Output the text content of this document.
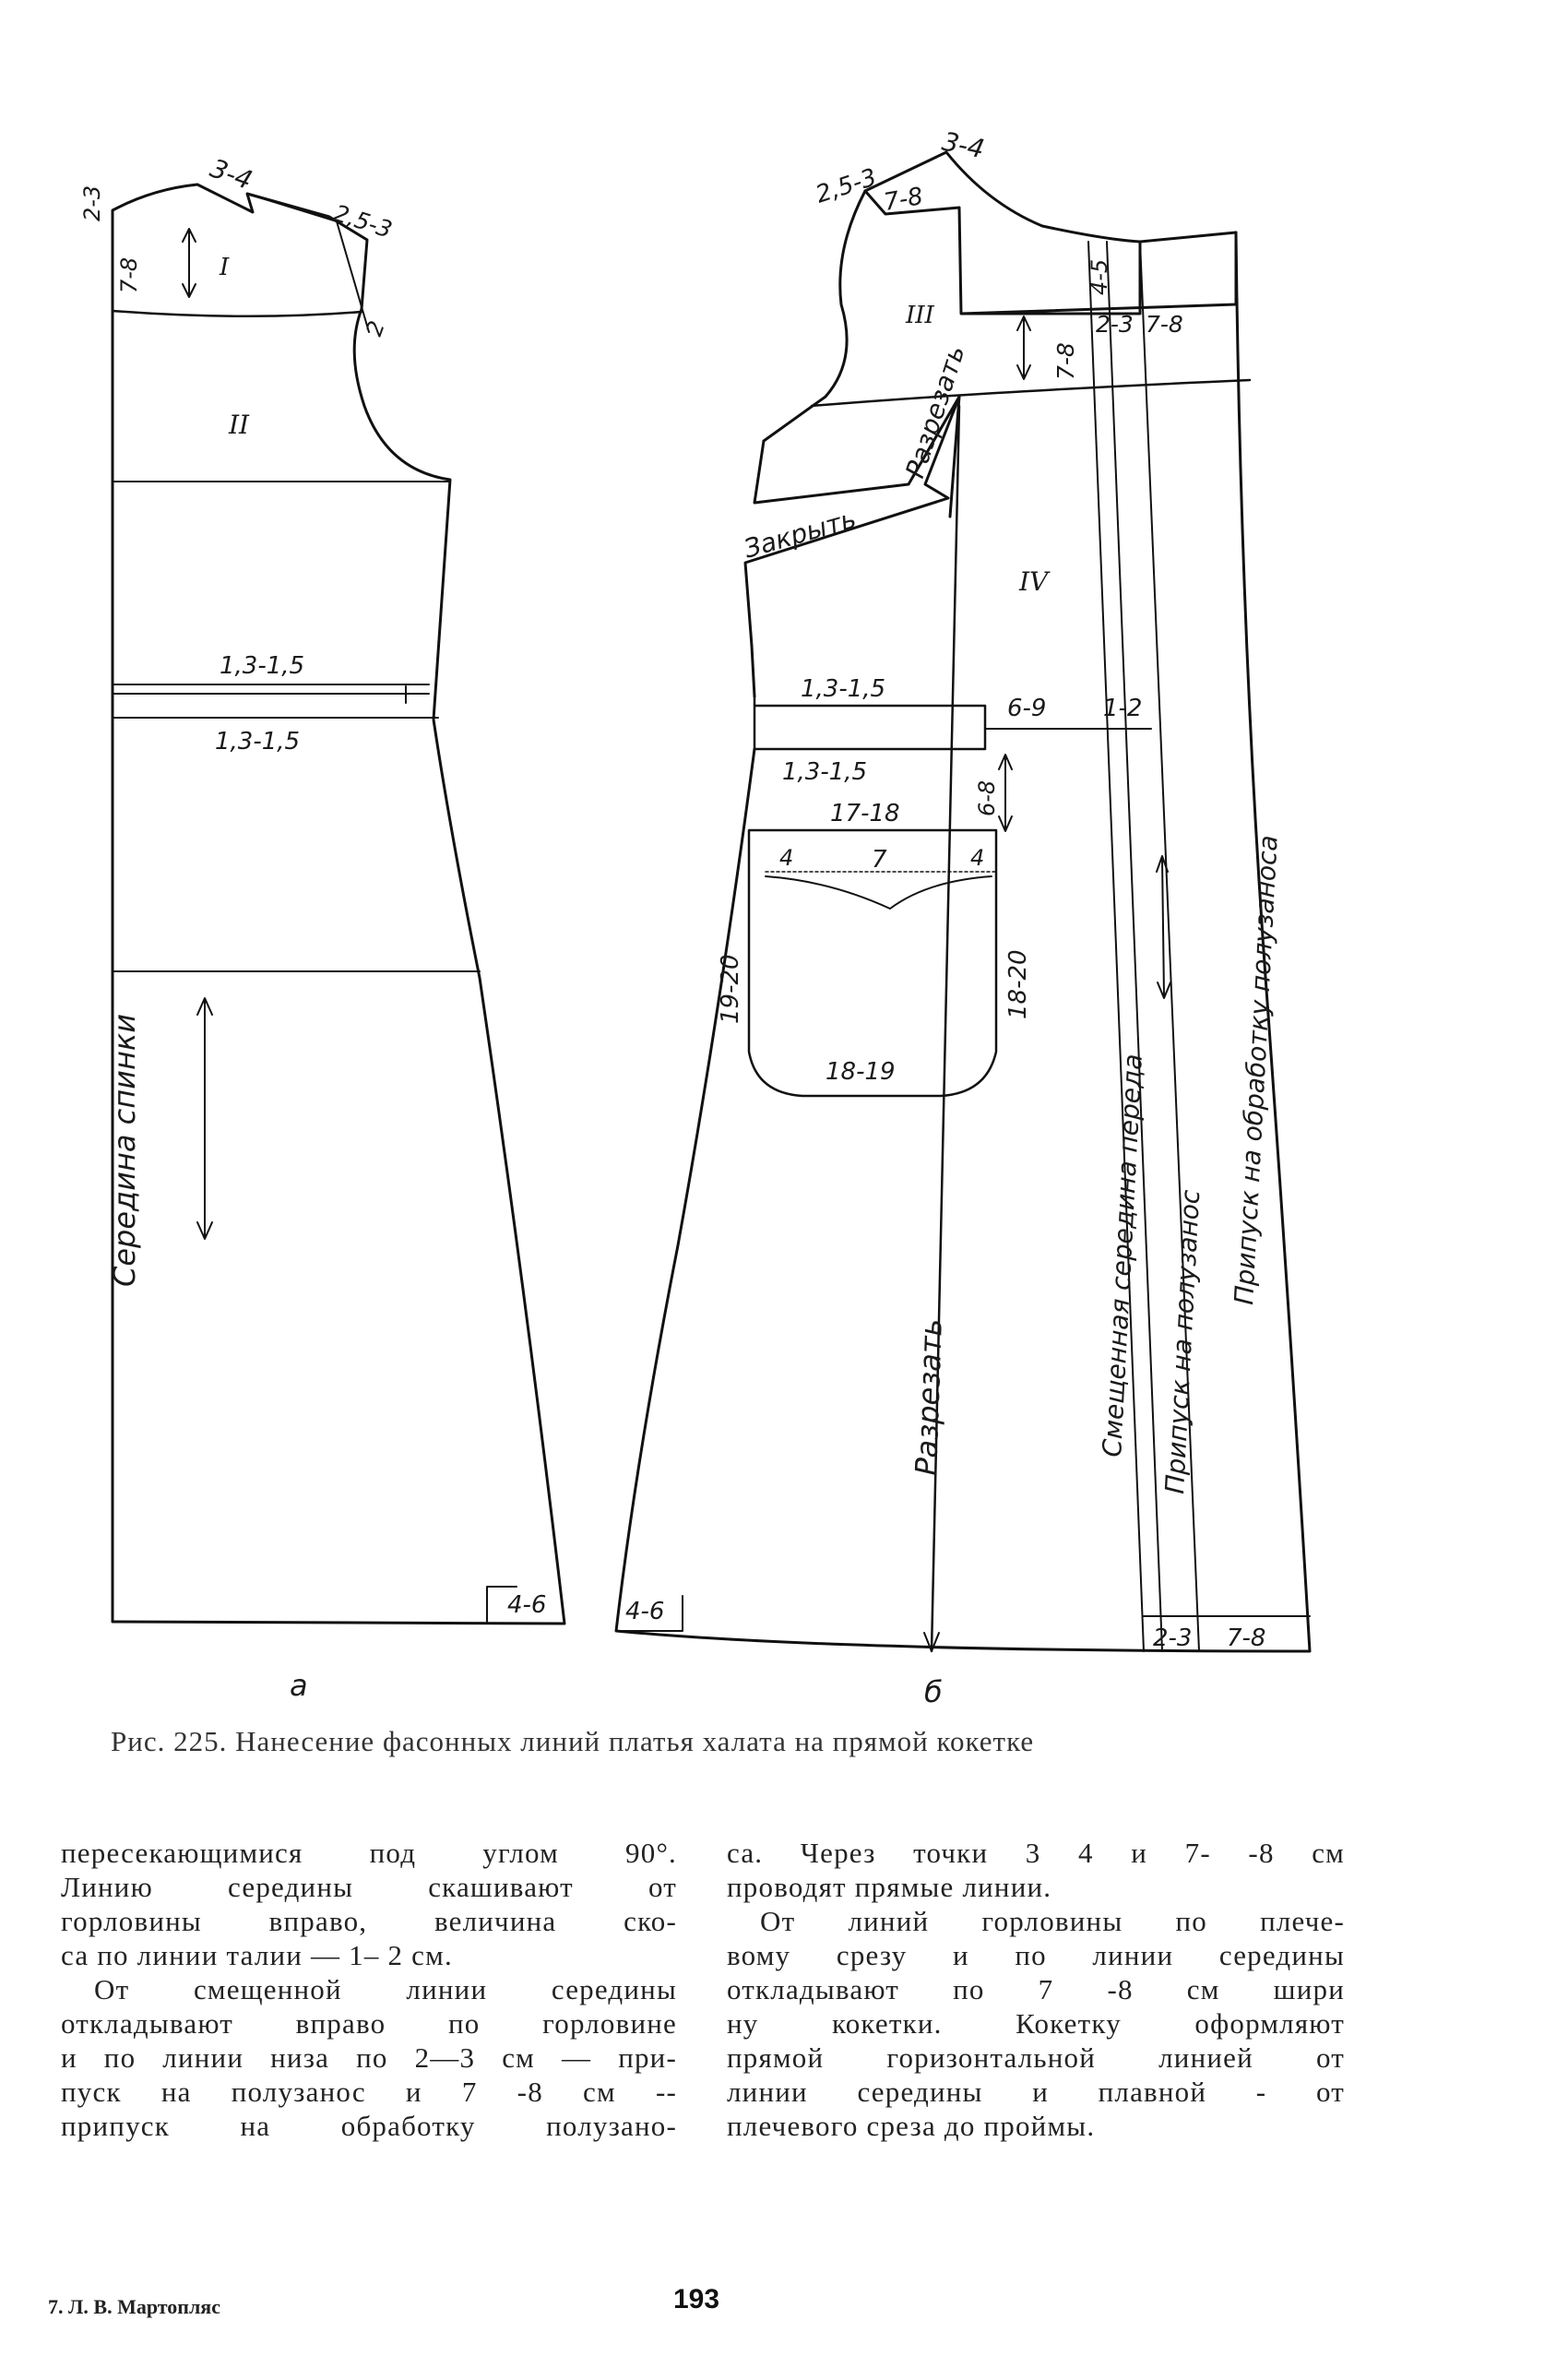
3-4
2-3
7-8
2,5-3
2
I
II
1,3-1,5
1,3-1,5
4-6
Середина спинки
3-4
2,5-3 7-8
4-5
III
7-8
2-3 7-8
Разрезать
Закрыть
IV
1,3-1,5
6-9 1-2
1,3-1,5
6-8
17-18
4	7	4
19-20	18-20
18-19
Разрезать	Смещенная середина переда Припуск на полузанос
Припуск на обработку полузаноса
4-6
2-3 7-8
а	б
Рис. 225. Нанесение фасонных линий платья халата на прямой кокетке
пересекающимися под углом 90°.
Линию середины скашивают от
горловины вправо, величина ско-
са по линии талии — 1– 2 см.
От смещенной линии середины
откладывают вправо по горловине
и по линии низа по 2—3 см — при-
пуск на полузанос и 7 -8 см --
припуск на обработку полузано-
са. Через точки 3 4 и 7- -8 см
проводят прямые линии.
От линий горловины по плече-
вому срезу и по линии середины
откладывают по 7 -8 см шири
ну кокетки. Кокетку оформляют
прямой горизонтальной линией от
линии середины и плавной - от
плечевого среза до проймы.
7. Л. В. Мартопляс	193
